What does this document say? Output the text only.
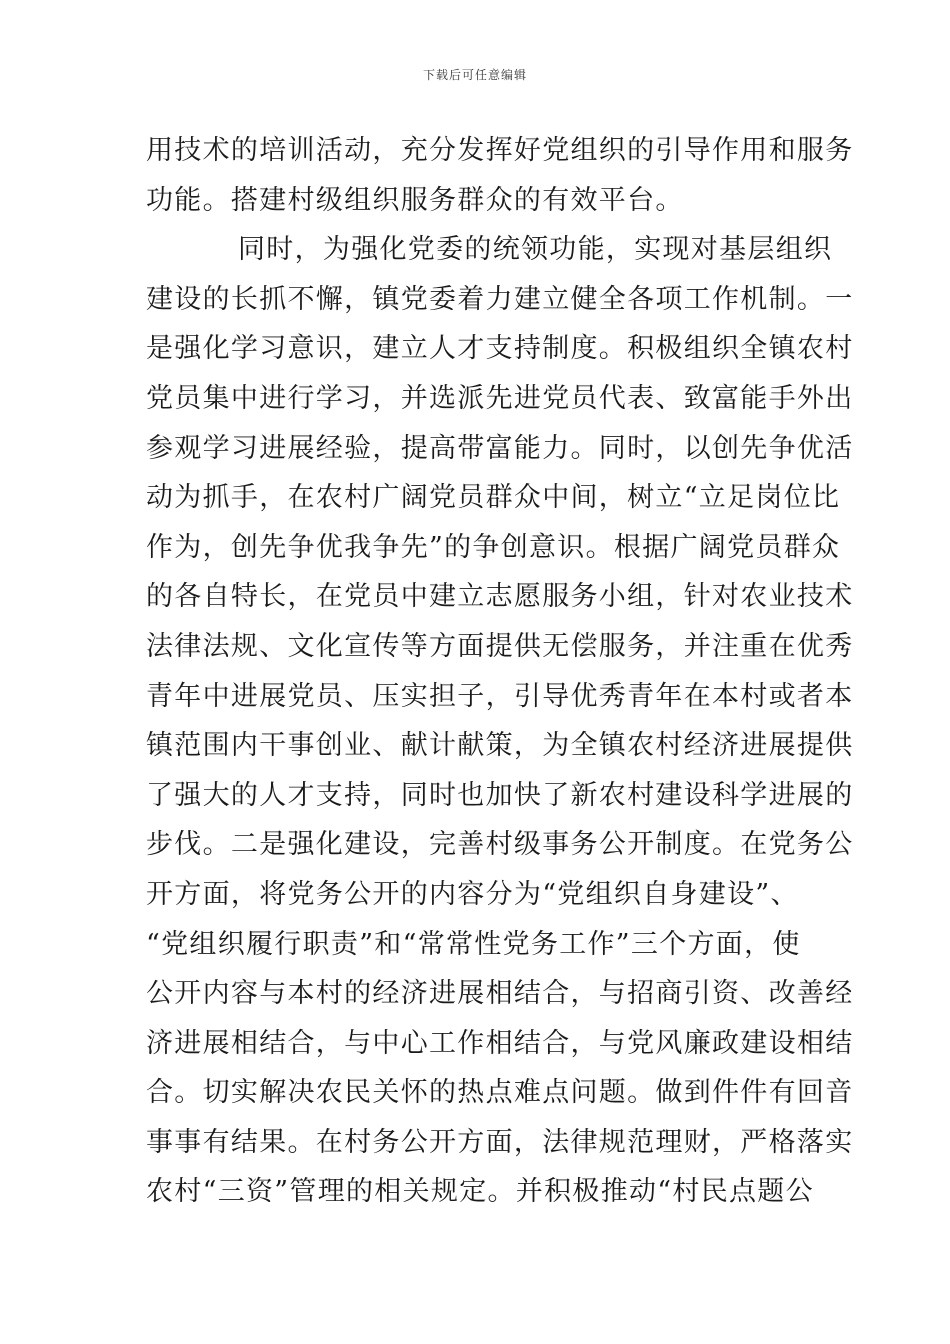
下载后可任意编辑
用技术的培训活动，充分发挥好党组织的引导作用和服务
功能。搭建村级组织服务群众的有效平台。
同时，为强化党委的统领功能，实现对基层组织
建设的长抓不懈，镇党委着力建立健全各项工作机制。一
是强化学习意识，建立人才支持制度。积极组织全镇农村
党员集中进行学习，并选派先进党员代表、致富能手外出
参观学习进展经验，提高带富能力。同时，以创先争优活
动为抓手，在农村广阔党员群众中间，树立“立足岗位比
作为，创先争优我争先”的争创意识。根据广阔党员群众
的各自特长，在党员中建立志愿服务小组，针对农业技术
法律法规、文化宣传等方面提供无偿服务，并注重在优秀
青年中进展党员、压实担子，引导优秀青年在本村或者本
镇范围内干事创业、献计献策，为全镇农村经济进展提供
了强大的人才支持，同时也加快了新农村建设科学进展的
步伐。二是强化建设，完善村级事务公开制度。在党务公
开方面，将党务公开的内容分为“党组织自身建设”、
“党组织履行职责”和“常常性党务工作”三个方面，使
公开内容与本村的经济进展相结合，与招商引资、改善经
济进展相结合，与中心工作相结合，与党风廉政建设相结
合。切实解决农民关怀的热点难点问题。做到件件有回音
事事有结果。在村务公开方面，法律规范理财，严格落实
农村“三资”管理的相关规定。并积极推动“村民点题公
